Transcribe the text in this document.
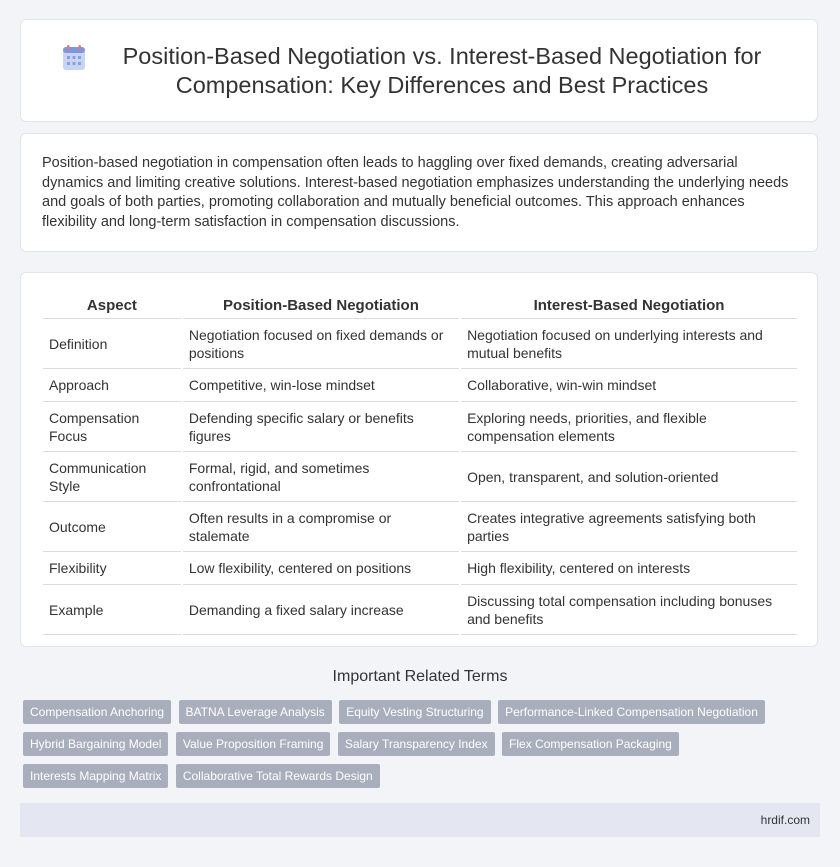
Position-Based Negotiation vs. Interest-Based Negotiation for Compensation: Key Differences and Best Practices

Position-based negotiation in compensation often leads to haggling over fixed demands, creating adversarial dynamics and limiting creative solutions. Interest-based negotiation emphasizes understanding the underlying needs and goals of both parties, promoting collaboration and mutually beneficial outcomes. This approach enhances flexibility and long-term satisfaction in compensation discussions.

Aspect	Position-Based Negotiation	Interest-Based Negotiation
Definition	Negotiation focused on fixed demands or positions	Negotiation focused on underlying interests and mutual benefits
Approach	Competitive, win-lose mindset	Collaborative, win-win mindset
Compensation Focus	Defending specific salary or benefits figures	Exploring needs, priorities, and flexible compensation elements
Communication Style	Formal, rigid, and sometimes confrontational	Open, transparent, and solution-oriented
Outcome	Often results in a compromise or stalemate	Creates integrative agreements satisfying both parties
Flexibility	Low flexibility, centered on positions	High flexibility, centered on interests
Example	Demanding a fixed salary increase	Discussing total compensation including bonuses and benefits
Important Related Terms
Compensation Anchoring BATNA Leverage Analysis Equity Vesting Structuring Performance-Linked Compensation Negotiation Hybrid Bargaining Model Value Proposition Framing Salary Transparency Index Flex Compensation Packaging Interests Mapping Matrix Collaborative Total Rewards Design
hrdif.com
